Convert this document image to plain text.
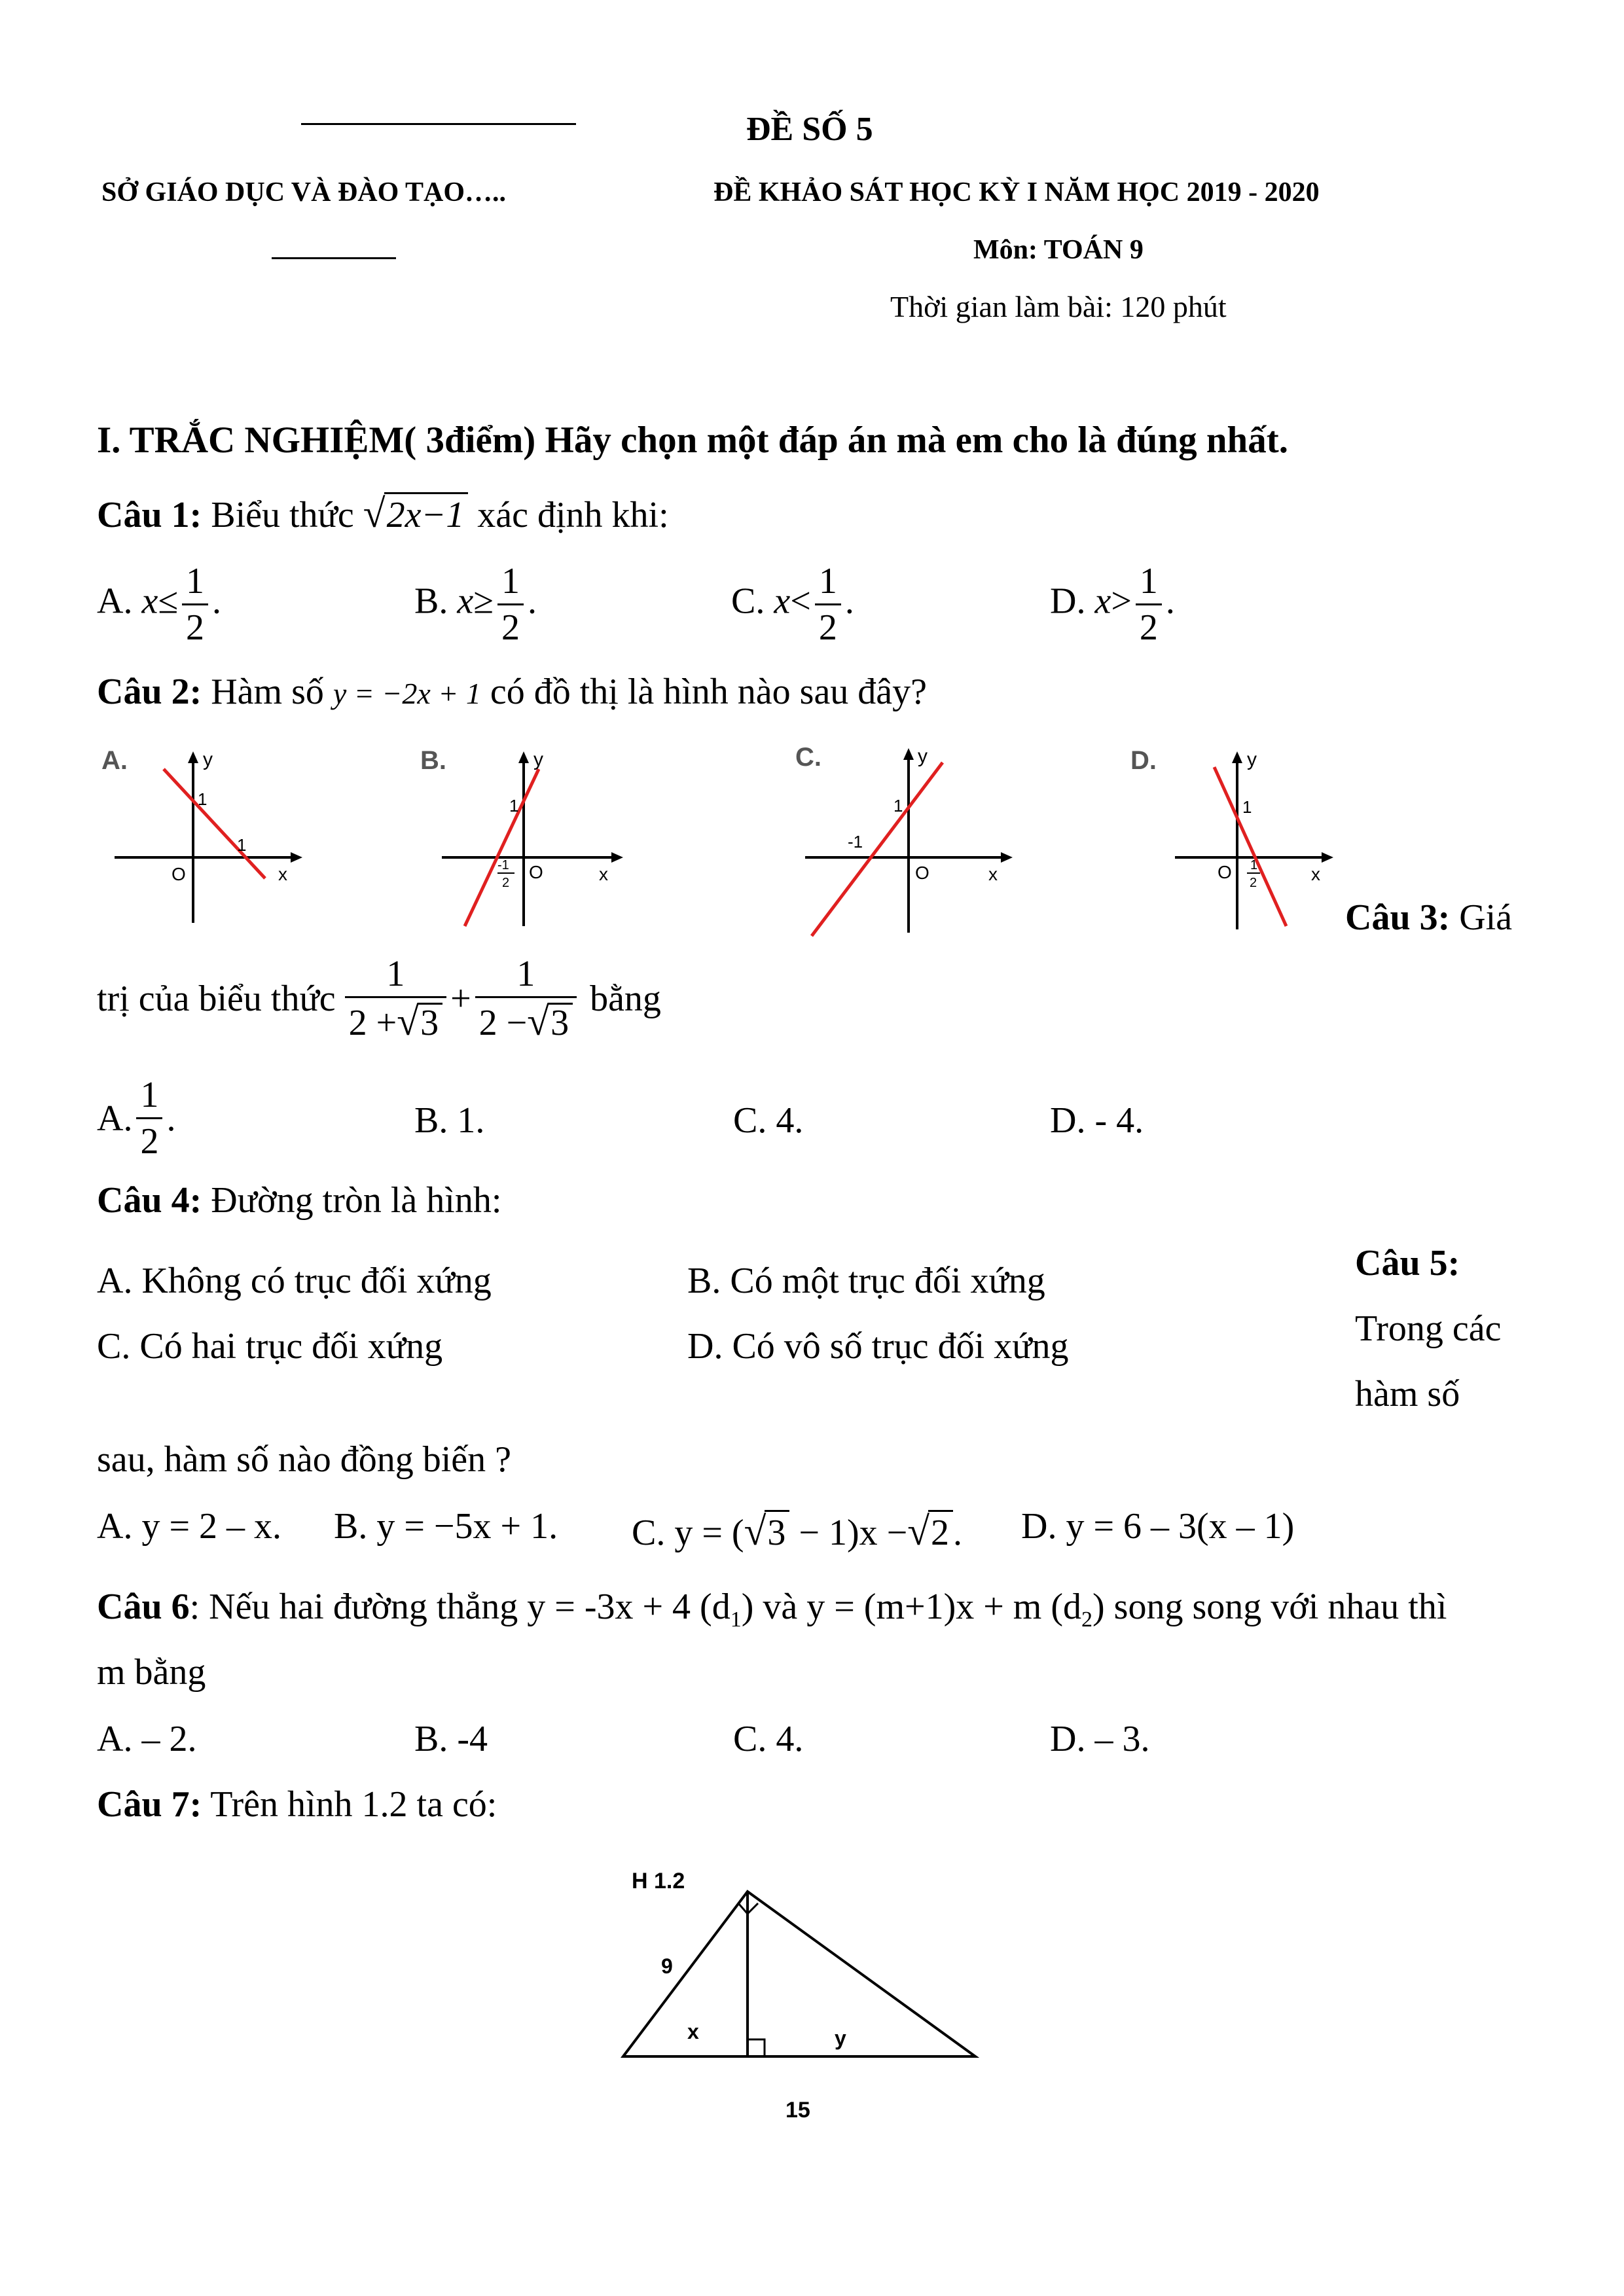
ĐỀ SỐ 5
SỞ GIÁO DỤC VÀ ĐÀO TẠO…..	ĐỀ KHẢO SÁT HỌC KỲ I NĂM HỌC 2019 - 2020
Môn: TOÁN 9
Thời gian làm bài: 120 phút
I. TRẮC NGHIỆM( 3điểm) Hãy chọn một đáp án mà em cho là đúng nhất.
Câu 1: Biểu thức √2x−1 xác định khi:
A. $x\le \frac{1}{2}$ .	B. $x\ge \frac{1}{2}$ .	C. $x< \frac{1}{2}$ .	D. $x> \frac{1}{2}$ .
Câu 2: Hàm số y = −2x + 1 có đồ thị là hình nào sau đây?
A.	y
x
O
1
1
B.	y
x
O
1
-1
2
C.	y
x
O
1
-1
D.	y
x
O
1
1
2
Câu 3: Giá
trị của biểu thức $\frac{1}{2 +√3} + \frac{1}{2 -√3}$ bằng
A. $\frac{1}{2}$ .	B. 1.	C. 4.	D. - 4.
Câu 4: Đường tròn là hình:
A. Không có trục đối xứng	B. Có một trục đối xứng
C. Có hai trục đối xứng	D. Có vô số trục đối xứng
Câu 5:
Trong các
hàm số
sau, hàm số nào đồng biến ?
A. y = 2 – x. B. y = −5x + 1. C. y = (√3 − 1)x −√2 . D. y = 6 – 3(x – 1)
Câu 6: Nếu hai đường thẳng y = -3x + 4 $(d_1)$ và y = (m+1)x + m $(d_2)$ song song với nhau thì
m bằng
A. – 2.	B. -4	C. 4.	D. – 3.
Câu 7: Trên hình 1.2 ta có:
H 1.2
9
x	y
15
